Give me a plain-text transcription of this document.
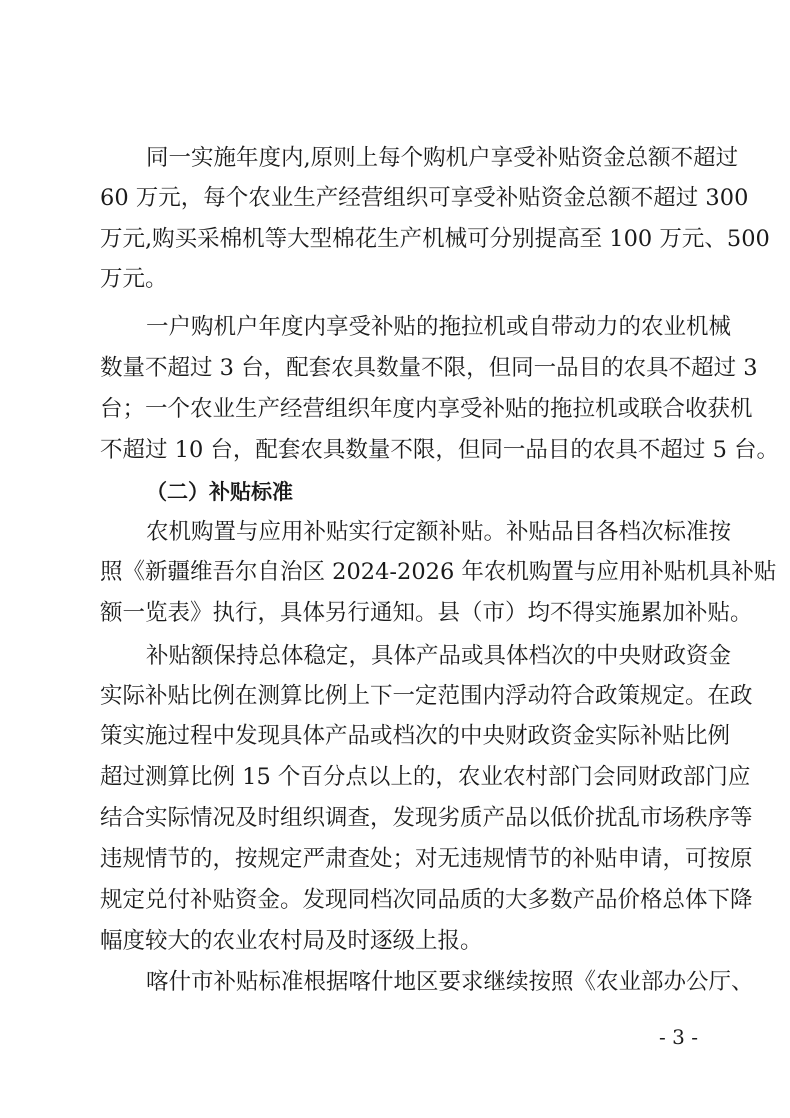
同一实施年度内,原则上每个购机户享受补贴资金总额不超过
60 万元，每个农业生产经营组织可享受补贴资金总额不超过 300
万元,购买采棉机等大型棉花生产机械可分别提高至 100 万元、500
万元。
一户购机户年度内享受补贴的拖拉机或自带动力的农业机械
数量不超过 3 台，配套农具数量不限，但同一品目的农具不超过 3
台；一个农业生产经营组织年度内享受补贴的拖拉机或联合收获机
不超过 10 台，配套农具数量不限，但同一品目的农具不超过 5 台。
（二）补贴标准
农机购置与应用补贴实行定额补贴。补贴品目各档次标准按
照《新疆维吾尔自治区 2024-2026 年农机购置与应用补贴机具补贴
额一览表》执行，具体另行通知。县（市）均不得实施累加补贴。
补贴额保持总体稳定，具体产品或具体档次的中央财政资金
实际补贴比例在测算比例上下一定范围内浮动符合政策规定。在政
策实施过程中发现具体产品或档次的中央财政资金实际补贴比例
超过测算比例 15 个百分点以上的，农业农村部门会同财政部门应
结合实际情况及时组织调查，发现劣质产品以低价扰乱市场秩序等
违规情节的，按规定严肃查处；对无违规情节的补贴申请，可按原
规定兑付补贴资金。发现同档次同品质的大多数产品价格总体下降
幅度较大的农业农村局及时逐级上报。
喀什市补贴标准根据喀什地区要求继续按照《农业部办公厅、
- 3 -
